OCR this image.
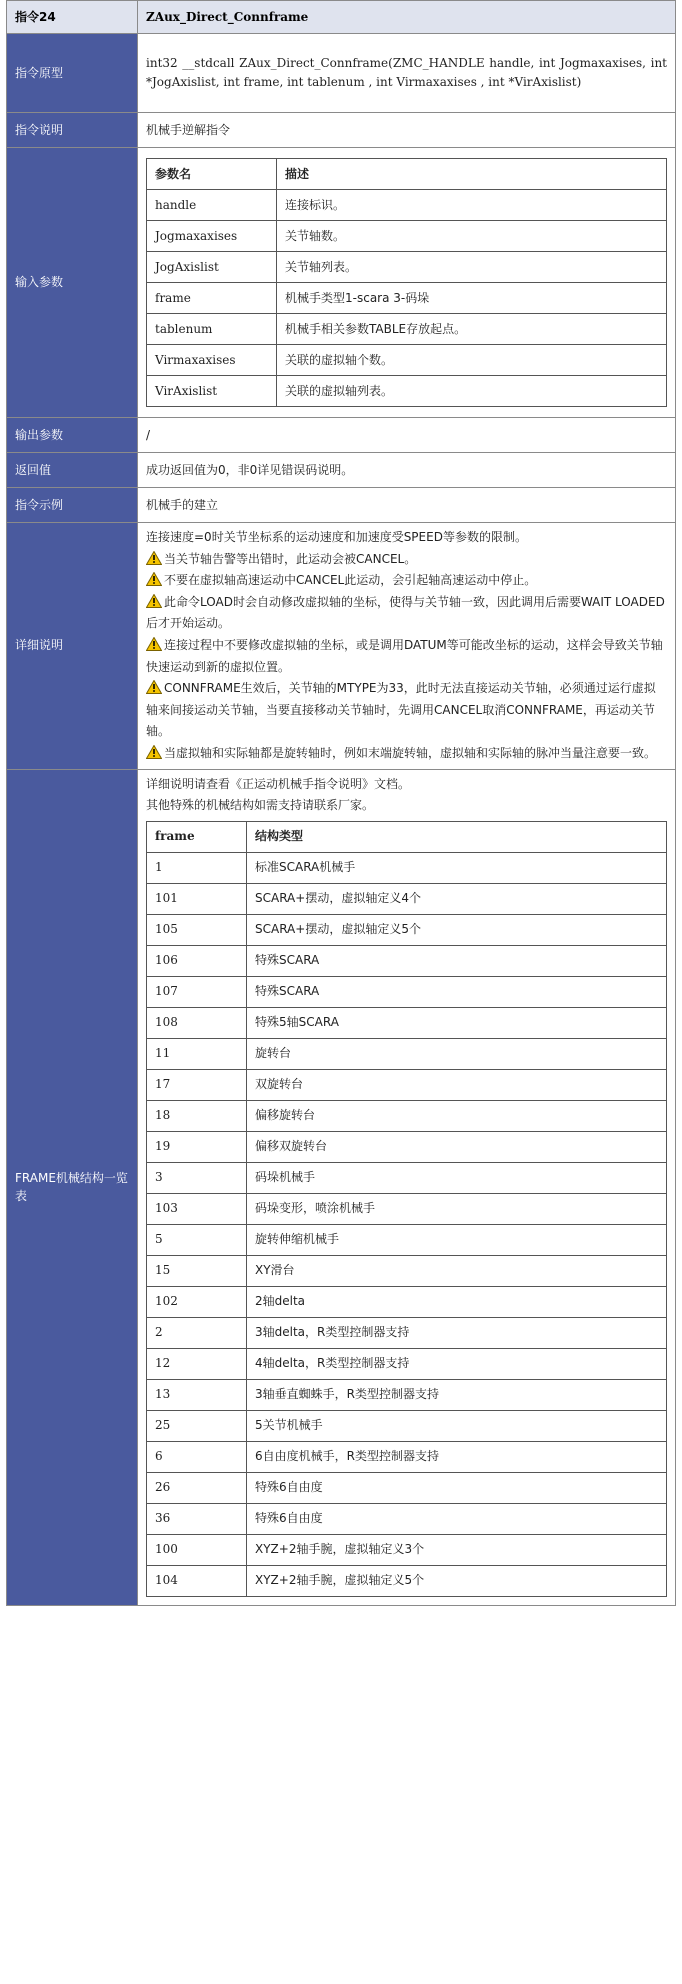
指令24	ZAux_Direct_Connframe
指令原型	int32 __stdcall ZAux_Direct_Connframe(ZMC_HANDLE handle, int Jogmaxaxises, int *JogAxislist, int frame, int tablenum , int Virmaxaxises , int *VirAxislist)
指令说明	机械手逆解指令
输入参数	
参数名	描述
handle	连接标识。
Jogmaxaxises	关节轴数。
JogAxislist	关节轴列表。
frame	机械手类型1-scara 3-码垛
tablenum	机械手相关参数TABLE存放起点。
Virmaxaxises	关联的虚拟轴个数。
VirAxislist	关联的虚拟轴列表。

输出参数	/
返回值	成功返回值为0，非0详见错误码说明。
指令示例	机械手的建立
详细说明	

连接速度=0时关节坐标系的运动速度和加速度受SPEED等参数的限制。

当关节轴告警等出错时，此运动会被CANCEL。

不要在虚拟轴高速运动中CANCEL此运动，会引起轴高速运动中停止。

此命令LOAD时会自动修改虚拟轴的坐标，使得与关节轴一致，因此调用后需要WAIT LOADED后才开始运动。

连接过程中不要修改虚拟轴的坐标，或是调用DATUM等可能改坐标的运动，这样会导致关节轴快速运动到新的虚拟位置。

CONNFRAME生效后，关节轴的MTYPE为33，此时无法直接运动关节轴，必须通过运行虚拟轴来间接运动关节轴，当要直接移动关节轴时，先调用CANCEL取消CONNFRAME，再运动关节轴。

当虚拟轴和实际轴都是旋转轴时，例如末端旋转轴，虚拟轴和实际轴的脉冲当量注意要一致。

FRAME机械结构一览表	

详细说明请查看《正运动机械手指令说明》文档。

其他特殊的机械结构如需支持请联系厂家。

frame	结构类型
1	标准SCARA机械手
101	SCARA+摆动，虚拟轴定义4个
105	SCARA+摆动，虚拟轴定义5个
106	特殊SCARA
107	特殊SCARA
108	特殊5轴SCARA
11	旋转台
17	双旋转台
18	偏移旋转台
19	偏移双旋转台
3	码垛机械手
103	码垛变形，喷涂机械手
5	旋转伸缩机械手
15	XY滑台
102	2轴delta
2	3轴delta，R类型控制器支持
12	4轴delta，R类型控制器支持
13	3轴垂直蜘蛛手，R类型控制器支持
25	5关节机械手
6	6自由度机械手，R类型控制器支持
26	特殊6自由度
36	特殊6自由度
100	XYZ+2轴手腕，虚拟轴定义3个
104	XYZ+2轴手腕，虚拟轴定义5个
